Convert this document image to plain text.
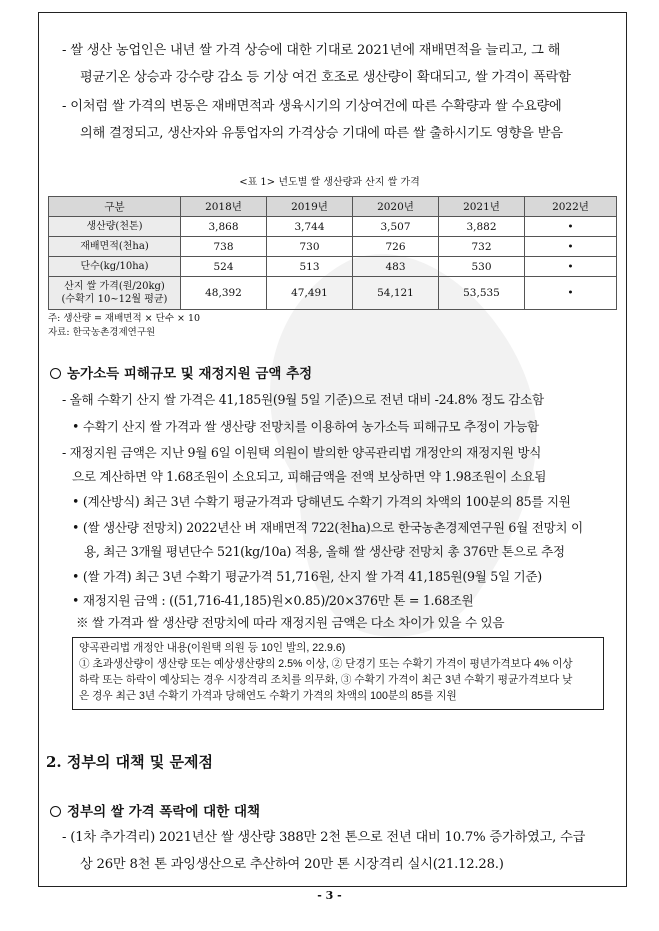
- 쌀 생산 농업인은 내년 쌀 가격 상승에 대한 기대로 2021년에 재배면적을 늘리고, 그 해
평균기온 상승과 강수량 감소 등 기상 여건 호조로 생산량이 확대되고, 쌀 가격이 폭락함
- 이처럼 쌀 가격의 변동은 재배면적과 생육시기의 기상여건에 따른 수확량과 쌀 수요량에
의해 결정되고, 생산자와 유통업자의 가격상승 기대에 따른 쌀 출하시기도 영향을 받음
<표 1> 년도별 쌀 생산량과 산지 쌀 가격
구분	2018년	2019년	2020년	2021년	2022년
생산량(천톤)	3,868	3,744	3,507	3,882	•
재배면적(천ha)	738	730	726	732	•
단수(kg/10ha)	524	513	483	530	•

산지 쌀 가격(원/20kg)
(수확기 10~12월 평균)	48,392	47,491	54,121	53,535	•
주: 생산량 = 재배면적 × 단수 × 10
자료: 한국농촌경제연구원
농가소득 피해규모 및 재정지원 금액 추정
- 올해 수확기 산지 쌀 가격은 41,185원(9월 5일 기준)으로 전년 대비 -24.8% 정도 감소함
• 수확기 산지 쌀 가격과 쌀 생산량 전망치를 이용하여 농가소득 피해규모 추정이 가능함
- 재정지원 금액은 지난 9월 6일 이원택 의원이 발의한 양곡관리법 개정안의 재정지원 방식
으로 계산하면 약 1.68조원이 소요되고, 피해금액을 전액 보상하면 약 1.98조원이 소요됨
• (계산방식) 최근 3년 수확기 평균가격과 당해년도 수확기 가격의 차액의 100분의 85를 지원
• (쌀 생산량 전망치) 2022년산 벼 재배면적 722(천ha)으로 한국농촌경제연구원 6월 전망치 이
용, 최근 3개월 평년단수 521(kg/10a) 적용, 올해 쌀 생산량 전망치 총 376만 톤으로 추정
• (쌀 가격) 최근 3년 수확기 평균가격 51,716원, 산지 쌀 가격 41,185원(9월 5일 기준)
• 재정지원 금액 : ((51,716-41,185)원×0.85)/20×376만 톤 = 1.68조원
※ 쌀 가격과 쌀 생산량 전망치에 따라 재정지원 금액은 다소 차이가 있을 수 있음
양곡관리법 개정안 내용(이원택 의원 등 10인 발의, 22.9.6)
① 초과생산량이 생산량 또는 예상생산량의 2.5% 이상, ② 단경기 또는 수확기 가격이 평년가격보다 4% 이상
하락 또는 하락이 예상되는 경우 시장격리 조치를 의무화, ③ 수확기 가격이 최근 3년 수확기 평균가격보다 낮
은 경우 최근 3년 수확기 가격과 당해연도 수확기 가격의 차액의 100분의 85를 지원
2. 정부의 대책 및 문제점
정부의 쌀 가격 폭락에 대한 대책
- (1차 추가격리) 2021년산 쌀 생산량 388만 2천 톤으로 전년 대비 10.7% 증가하였고, 수급
상 26만 8천 톤 과잉생산으로 추산하여 20만 톤 시장격리 실시(21.12.28.)
- 3 -
